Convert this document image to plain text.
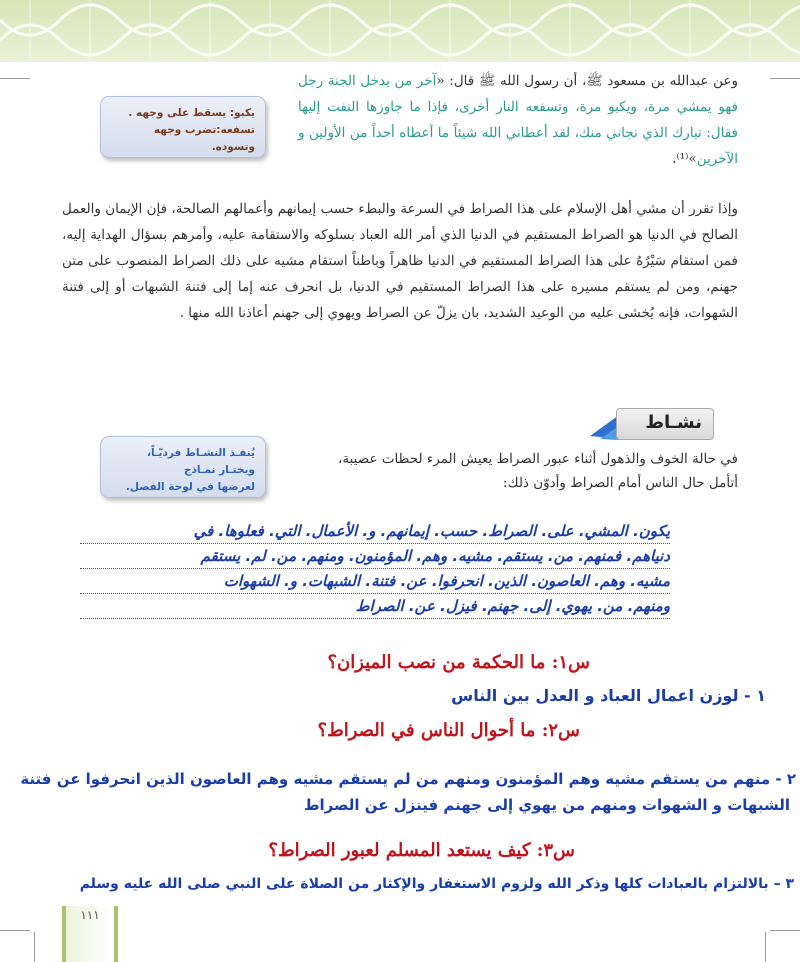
يكبو: يسقط على وجهه .
تسفعه:تضرب وجهه وتسوده.
وعن عبدالله بن مسعود ﷺ، أن رسول الله ﷺ قال: «آخر من يدخل الجنة رجل فهو يمشي مرة، ويكبو مرة، وتسفعه النار أخرى، فإذا ما جاوزها التفت إليها فقال: تبارك الذي نجاني منك، لقد أعطاني الله شيئاً ما أعطاه أحداً من الأولين و الآخرين»⁽¹⁾.
وإذا تقرر أن مشي أهل الإسلام على هذا الصراط في السرعة والبطء حسب إيمانهم وأعمالهم الصالحة، فإن الإيمان والعمل الصالح في الدنيا هو الصراط المستقيم في الدنيا الذي أمر الله العباد بسلوكه والاستقامة عليه، وأمرهم بسؤال الهداية إليه، فمن استقام سَيْرُهُ على هذا الصراط المستقيم في الدنيا ظاهراً وباطناً استقام مشيه على ذلك الصراط المنصوب على متن جهنم، ومن لم يستقم مسيره على هذا الصراط المستقيم في الدنيا، بل انحرف عنه إما إلى فتنة الشبهات أو إلى فتنة الشهوات، فإنه يُخشى عليه من الوعيد الشديد، بان يزلّ عن الصراط ويهوي إلى جهنم أعاذنا الله منها .
نشـاط
يُنفـذ النشـاط فرديّـاً، ويختـار نمـاذج
لعرضها في لوحة الفصل.
في حالة الخوف والذهول أثناء عبور الصراط يعيش المرء لحظات عصيبة، أتأمل حال الناس أمام الصراط وأدوّن ذلك:
يكون. المشي. على. الصراط. حسب. إيمانهم. و. الأعمال. التي. فعلوها. في
دنياهم. فمنهم. من. يستقم. مشيه. وهم. المؤمنون. ومنهم. من. لم. يستقم
مشيه. وهم. العاصون. الذين. انحرفوا. عن. فتنة. الشبهات. و. الشهوات
ومنهم. من. يهوي. إلى. جهنم. فيزل. عن. الصراط
س١: ما الحكمة من نصب الميزان؟
١ - لوزن اعمال العباد و العدل بين الناس
س٢: ما أحوال الناس في الصراط؟
٢ - منهم من يستقم مشيه وهم المؤمنون ومنهم من لم يستقم مشيه وهم العاصون الذين انحرفوا عن فتنة
الشبهات و الشهوات ومنهم من يهوي إلى جهنم فينزل عن الصراط
س٣: كيف يستعد المسلم لعبور الصراط؟
٣ – بالالتزام بالعبادات كلها وذكر الله ولزوم الاستغفار والإكثار من الصلاة على النبي صلى الله عليه وسلم
١١١
